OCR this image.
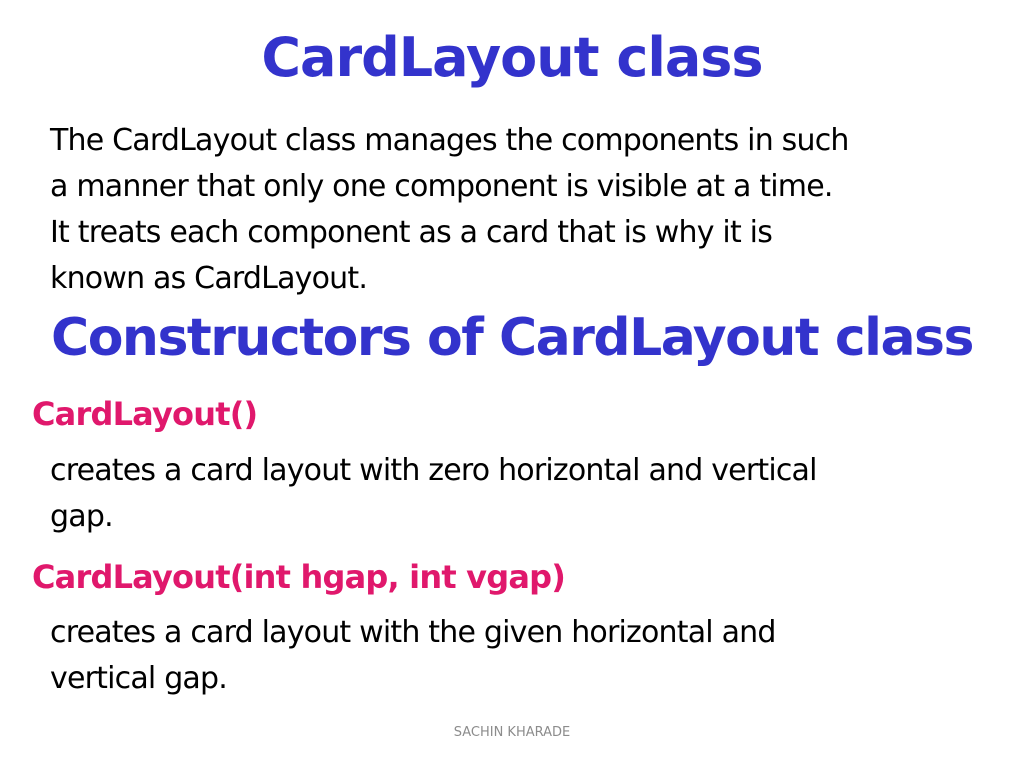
CardLayout class
The CardLayout class manages the components in such
a manner that only one component is visible at a time.
It treats each component as a card that is why it is
known as CardLayout.
Constructors of CardLayout class
CardLayout()
creates a card layout with zero horizontal and vertical
gap.
CardLayout(int hgap, int vgap)
creates a card layout with the given horizontal and
vertical gap.
SACHIN KHARADE
